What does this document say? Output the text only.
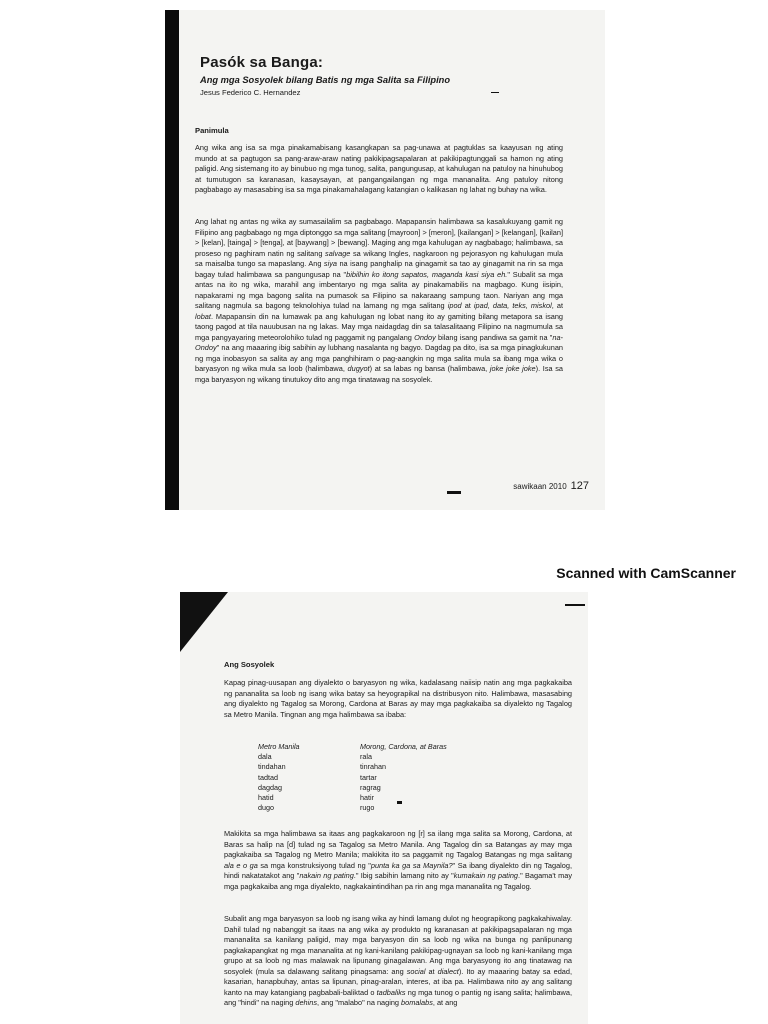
Pasók sa Banga:
Ang mga Sosyolek bilang Batis ng mga Salita sa Filipino
Jesus Federico C. Hernandez
Panimula

Ang wika ang isa sa mga pinakamabisang kasangkapan sa pag-unawa at pagtuklas sa kaayusan ng ating mundo at sa pagtugon sa pang-araw-araw nating pakikipagsapalaran at pakikipagtunggali sa hamon ng ating paligid. Ang sistemang ito ay binubuo ng mga tunog, salita, pangungusap, at kahulugan na patuloy na hinuhubog at tumutugon sa karanasan, kasaysayan, at pangangailangan ng mga mananalita. Ang patuloy nitong pagbabago ay masasabing isa sa mga pinakamahalagang katangian o kalikasan ng lahat ng buhay na wika.

Ang lahat ng antas ng wika ay sumasailalim sa pagbabago. Mapapansin halimbawa sa kasalukuyang gamit ng Filipino ang pagbabago ng mga diptonggo sa mga salitang [mayroon] > [meron], [kailangan] > [kelangan], [kailan] > [kelan], [tainga] > [tenga], at [baywang] > [bewang]. Maging ang mga kahulugan ay nagbabago; halimbawa, sa proseso ng paghiram natin ng salitang salvage sa wikang Ingles, nagkaroon ng pejorasyon ng kahulugan mula sa maisalba tungo sa mapaslang. Ang siya na isang panghalip na ginagamit sa tao ay ginagamit na rin sa mga bagay tulad halimbawa sa pangungusap na "bibilhin ko itong sapatos, maganda kasi siya eh." Subalit sa mga antas na ito ng wika, marahil ang imbentaryo ng mga salita ay pinakamabilis na magbago. Kung iisipin, napakarami ng mga bagong salita na pumasok sa Filipino sa nakaraang sampung taon. Nariyan ang mga salitang nagmula sa bagong teknolohiya tulad na lamang ng mga salitang ipod at ipad, data, teks, miskol, at lobat. Mapapansin din na lumawak pa ang kahulugan ng lobat nang ito ay gamiting bilang metapora sa isang taong pagod at tila nauubusan na ng lakas. May mga naidagdag din sa talasalitaang Filipino na nagmumula sa mga pangyayaring meteorolohiko tulad ng paggamit ng pangalang Ondoy bilang isang pandiwa sa gamit na "na-Ondoy" na ang maaaring ibig sabihin ay lubhang nasalanta ng bagyo. Dagdag pa dito, isa sa mga pinagkukunan ng mga inobasyon sa salita ay ang mga panghihiram o pag-aangkin ng mga salita mula sa ibang mga wika o baryasyon ng wika mula sa loob (halimbawa, dugyot) at sa labas ng bansa (halimbawa, joke joke joke). Isa sa mga baryasyon ng wikang tinutukoy dito ang mga tinatawag na sosyolek.

sawikaan 2010 127
Scanned with CamScanner
Ang Sosyolek

Kapag pinag-uusapan ang diyalekto o baryasyon ng wika, kadalasang naiisip natin ang mga pagkakaiba ng pananalita sa loob ng isang wika batay sa heyograpikal na distribusyon nito. Halimbawa, masasabing ang diyalekto ng Tagalog sa Morong, Cardona at Baras ay may mga pagkakaiba sa diyalekto ng Tagalog sa Metro Manila. Tingnan ang mga halimbawa sa ibaba:

Metro Manila	Morong, Cardona, at Baras
dala	rala
tindahan	tinrahan
tadtad	tartar
dagdag	ragrag
hatid	hatir
dugo	rugo

Makikita sa mga halimbawa sa itaas ang pagkakaroon ng [r] sa ilang mga salita sa Morong, Cardona, at Baras sa halip na [d] tulad ng sa Tagalog sa Metro Manila. Ang Tagalog din sa Batangas ay may mga pagkakaiba sa Tagalog ng Metro Manila; makikita ito sa paggamit ng Tagalog Batangas ng mga salitang ala e o ga sa mga konstruksiyong tulad ng "punta ka ga sa Maynila?" Sa ibang diyalekto din ng Tagalog, hindi nakatatakot ang "nakain ng pating." Ibig sabihin lamang nito ay "kumakain ng pating." Bagama't may mga pagkakaiba ang mga diyalekto, nagkakaintindihan pa rin ang mga mananalita ng Tagalog.

Subalit ang mga baryasyon sa loob ng isang wika ay hindi lamang dulot ng heograpikong pagkakahiwalay. Dahil tulad ng nabanggit sa itaas na ang wika ay produkto ng karanasan at pakikipagsapalaran ng mga mananalita sa kanilang paligid, may mga baryasyon din sa loob ng wika na bunga ng panlipunang pagkakapangkat ng mga mananalita at ng kani-kanilang pakikipag-ugnayan sa loob ng kani-kanilang mga grupo at sa loob ng mas malawak na lipunang ginagalawan. Ang mga baryasyong ito ang tinatawag na sosyolek (mula sa dalawang salitang pinagsama: ang social at dialect). Ito ay maaaring batay sa edad, kasarian, hanapbuhay, antas sa lipunan, pinag-aralan, interes, at iba pa. Halimbawa nito ay ang salitang kanto na may katangiang pagbabali-baliktad o tadbaliks ng mga tunog o pantig ng isang salita; halimbawa, ang "hindi" na naging dehins, ang "malabo" na naging bomalabs, at ang
